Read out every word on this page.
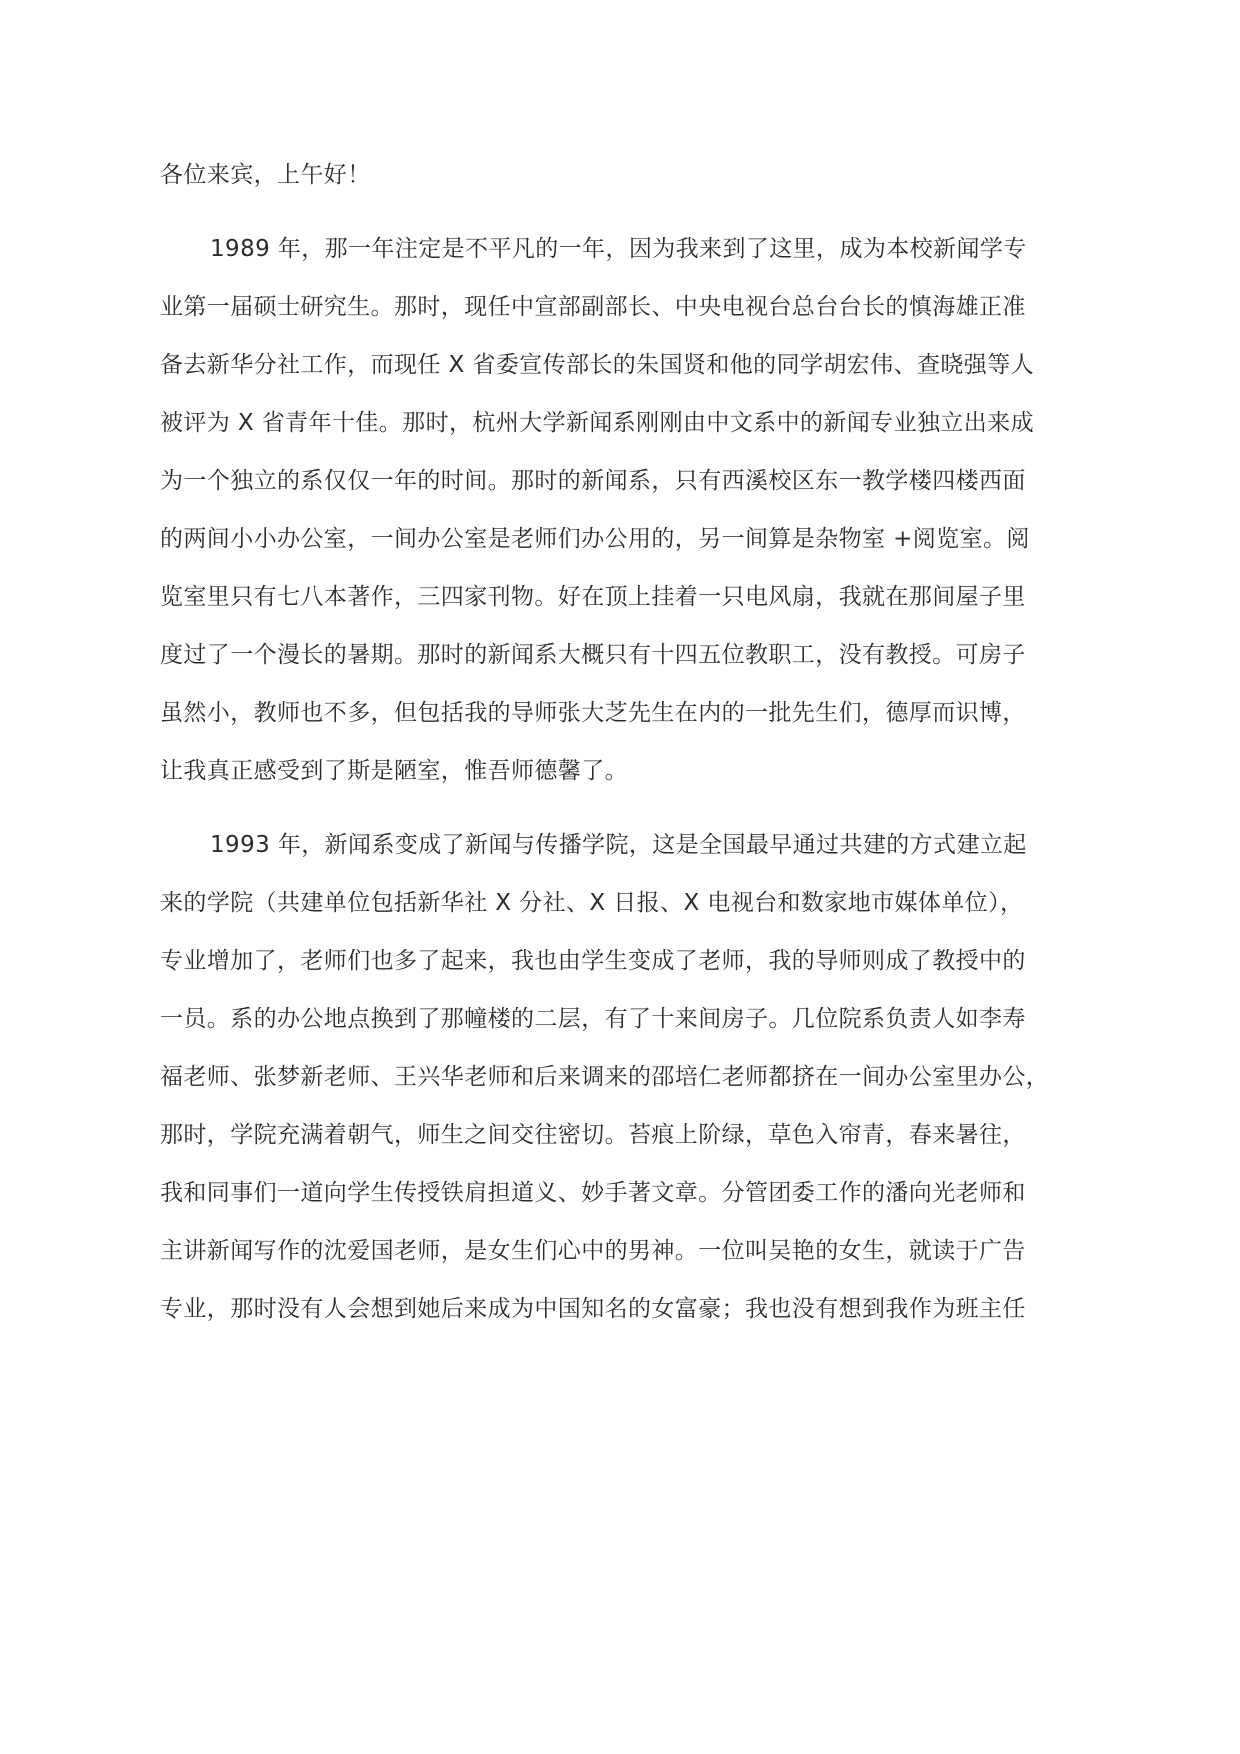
各位来宾，上午好！
1989 年，那一年注定是不平凡的一年，因为我来到了这里，成为本校新闻学专
业第一届硕士研究生。那时，现任中宣部副部长、中央电视台总台台长的慎海雄正准
备去新华分社工作，而现任 X 省委宣传部长的朱国贤和他的同学胡宏伟、查晓强等人
被评为 X 省青年十佳。那时，杭州大学新闻系刚刚由中文系中的新闻专业独立出来成
为一个独立的系仅仅一年的时间。那时的新闻系，只有西溪校区东一教学楼四楼西面
的两间小小办公室，一间办公室是老师们办公用的，另一间算是杂物室 +阅览室。阅
览室里只有七八本著作，三四家刊物。好在顶上挂着一只电风扇，我就在那间屋子里
度过了一个漫长的暑期。那时的新闻系大概只有十四五位教职工，没有教授。可房子
虽然小，教师也不多，但包括我的导师张大芝先生在内的一批先生们，德厚而识博，
让我真正感受到了斯是陋室，惟吾师德馨了。
1993 年，新闻系变成了新闻与传播学院，这是全国最早通过共建的方式建立起
来的学院（共建单位包括新华社 X 分社、X 日报、X 电视台和数家地市媒体单位），
专业增加了，老师们也多了起来，我也由学生变成了老师，我的导师则成了教授中的
一员。系的办公地点换到了那幢楼的二层，有了十来间房子。几位院系负责人如李寿
福老师、张梦新老师、王兴华老师和后来调来的邵培仁老师都挤在一间办公室里办公，
那时，学院充满着朝气，师生之间交往密切。苔痕上阶绿，草色入帘青，春来暑往，
我和同事们一道向学生传授铁肩担道义、妙手著文章。分管团委工作的潘向光老师和
主讲新闻写作的沈爱国老师，是女生们心中的男神。一位叫吴艳的女生，就读于广告
专业，那时没有人会想到她后来成为中国知名的女富豪；我也没有想到我作为班主任
